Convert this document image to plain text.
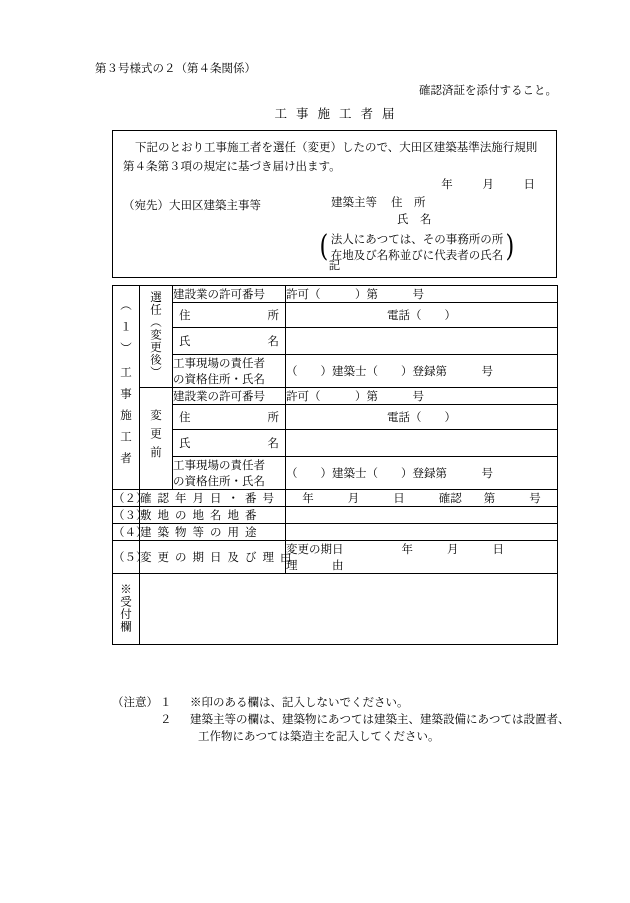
第３号様式の２（第４条関係）
確認済証を添付すること。
工事施工者届
下記のとおり工事施工者を選任（変更）したので、大田区建築基準法施行規則第４条第３項の規定に基づき届け出ます。
年	月	日
（宛先）大田区建築主事等	建築主等 住　所
氏　名
( 法人にあつては、その事務所の所
在地及び名称並びに代表者の氏名 )
記
（１） 工事施工者	選任（変更後）	建設業の許可番号	許可（　　　）第　　　号

		住 所	電話（　　）

		氏 名	

		工事現場の責任者
の資格住所・氏名	（　　）建築士（　　）登録第　　　号
	変更前	建設業の許可番号	許可（　　　）第　　　号

		住 所	電話（　　）

		氏 名	

		工事現場の責任者
の資格住所・氏名	（　　）建築士（　　）登録第　　　号
（２）	確認年月日・番号		年 月 日 確認 第 号
（３）	敷地の地名地番		
（４）	建築物等の用途		
（５）	変更の期日及び理由		変更の期日 年 月 日
理　　　由

※受付欄			
（注意） １	※印のある欄は、記入しないでください。
２	建築主等の欄は、建築物にあつては建築主、建築設備にあつては設置者、
工作物にあつては築造主を記入してください。
